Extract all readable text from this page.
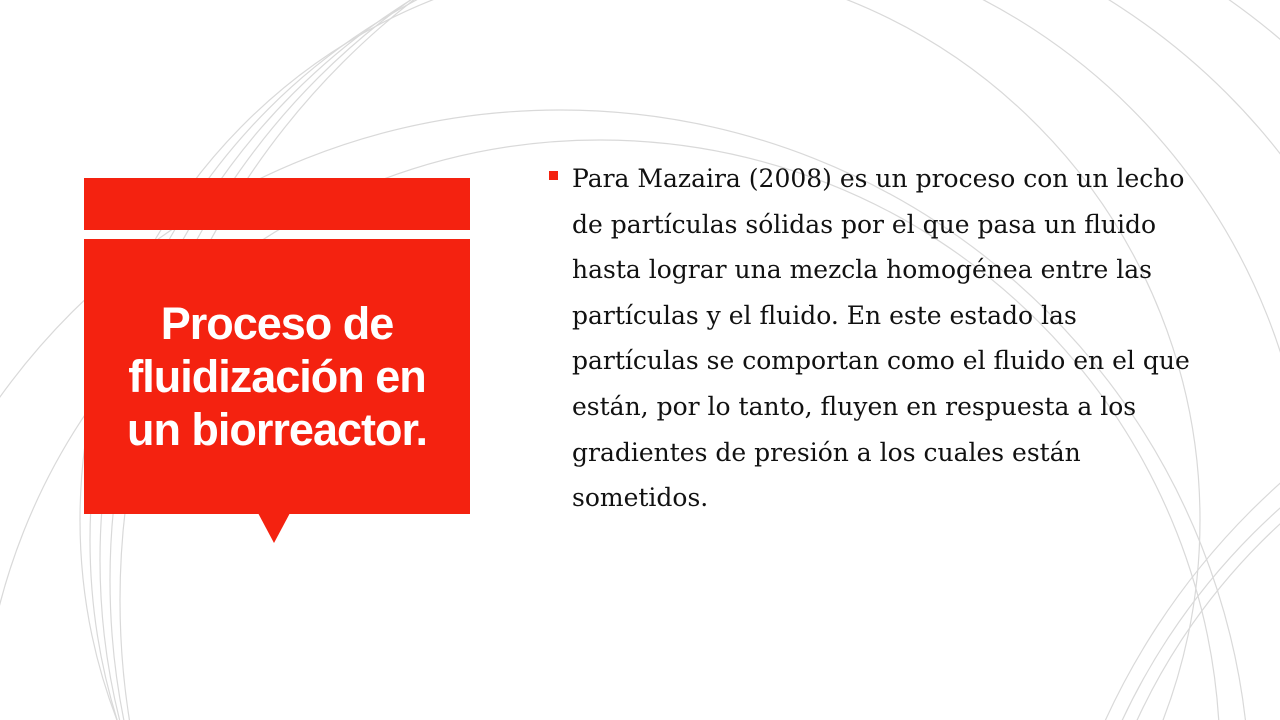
Proceso de fluidización en un biorreactor.
Para Mazaira (2008) es un proceso con un lecho de partículas sólidas por el que pasa un fluido hasta lograr una mezcla homogénea entre las partículas y el fluido. En este estado las partículas se comportan como el fluido en el que están, por lo tanto, fluyen en respuesta a los gradientes de presión a los cuales están sometidos.
